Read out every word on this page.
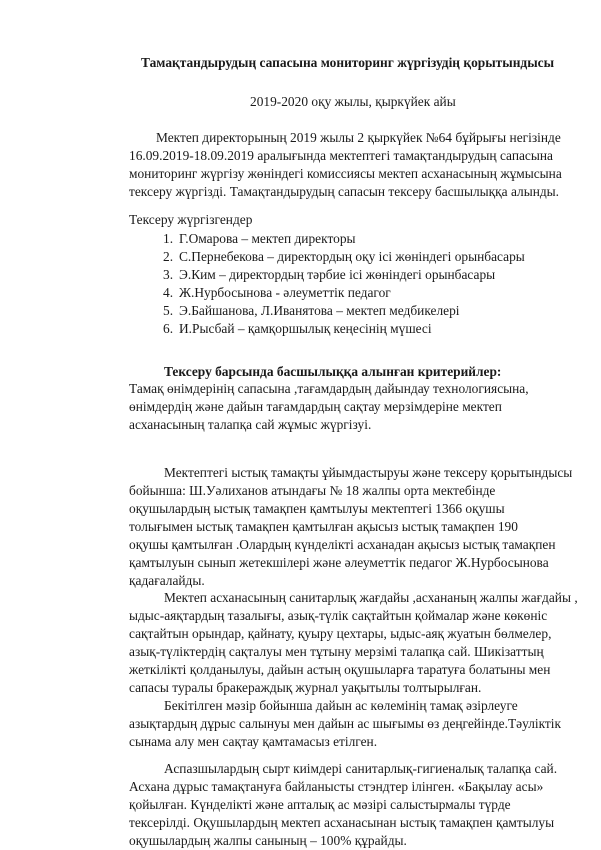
Тамақтандырудың сапасына мониторинг жүргізудің қорытындысы

2019-2020 оқу жылы, қыркүйек айы

Мектеп директорының 2019 жылы 2 қыркүйек №64 бұйрығы негізінде

16.09.2019-18.09.2019 аралығында мектептегі тамақтандырудың сапасына

мониторинг жүргізу жөніндегі комиссиясы мектеп асханасының жұмысына

тексеру жүргізді. Тамақтандырудың сапасын тексеру басшылыққа алынды.

Тексеру жүргізгендер

1. Г.Омарова – мектеп директоры

2. С.Пернебекова – директордың оқу ісі жөніндегі орынбасары

3. Э.Ким – директордың тәрбие ісі жөніндегі орынбасары

4. Ж.Нурбосынова - әлеуметтік педагог

5. Э.Байшанова, Л.Иванятова – мектеп медбикелері

6. И.Рысбай – қамқоршылық кеңесінің мүшесі

Тексеру барсында басшылыққа алынған критерийлер:

Тамақ өнімдерінің сапасына ,тағамдардың дайындау технологиясына,

өнімдердің және дайын тағамдардың сақтау мерзімдеріне мектеп

асханасының талапқа сай жұмыс жүргізуі.

Мектептегі ыстық тамақты ұйымдастыруы және тексеру қорытындысы

бойынша: Ш.Уәлиханов атындағы № 18 жалпы орта мектебінде

оқушылардың ыстық тамақпен қамтылуы мектептегі 1366 оқушы

толығымен ыстық тамақпен қамтылған ақысыз ыстық тамақпен 190

оқушы қамтылған .Олардың күнделікті асханадан ақысыз ыстық тамақпен

қамтылуын сынып жетекшілері және әлеуметтік педагог Ж.Нурбосынова

қадағалайды.

Мектеп асханасының санитарлық жағдайы ,асхананың жалпы жағдайы ,

ыдыс-аяқтардың тазалығы, азық-түлік сақтайтын қоймалар және көкөніс

сақтайтын орындар, қайнату, қуыру цехтары, ыдыс-аяқ жуатын бөлмелер,

азық-түліктердің сақталуы мен тұтыну мерзімі талапқа сай. Шикізаттың

жеткілікті қолданылуы, дайын астың оқушыларға таратуға болатыны мен

сапасы туралы бракераждық журнал уақытылы толтырылған.

Бекітілген мәзір бойынша дайын ас көлемінің тамақ әзірлеуге

азықтардың дұрыс салынуы мен дайын ас шығымы өз деңгейінде.Тәуліктік

сынама алу мен сақтау қамтамасыз етілген.

Аспазшылардың сырт киімдері санитарлық-гигиеналық талапқа сай.

Асхана дұрыс тамақтануға байланысты стэндтер ілінген. «Бақылау асы»

қойылған. Күнделікті және апталық ас мәзірі салыстырмалы түрде

тексерілді. Оқушылардың мектеп асханасынан ыстық тамақпен қамтылуы

оқушылардың жалпы санының – 100% құрайды.
